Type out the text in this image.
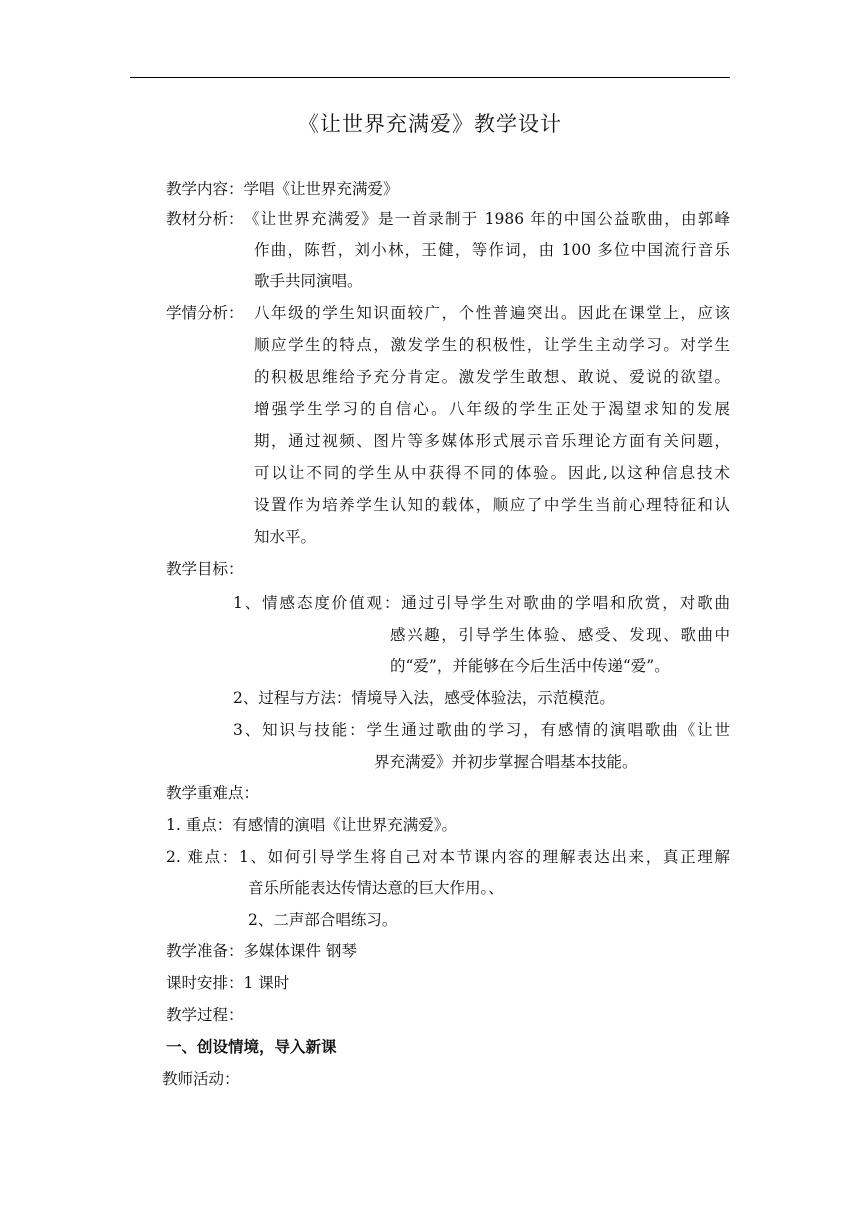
《让世界充满爱》教学设计
教学内容：学唱《让世界充满爱》
教材分析： 《让世界充满爱》是一首录制于 1986 年的中国公益歌曲，由郭峰
作曲，陈哲，刘小林，王健，等作词，由 100 多位中国流行音乐
歌手共同演唱。
学情分析： 八年级的学生知识面较广，个性普遍突出。因此在课堂上，应该
顺应学生的特点，激发学生的积极性，让学生主动学习。对学生
的积极思维给予充分肯定。激发学生敢想、敢说、爱说的欲望。
增强学生学习的自信心。八年级的学生正处于渴望求知的发展
期，通过视频、图片等多媒体形式展示音乐理论方面有关问题，
可以让不同的学生从中获得不同的体验。因此,以这种信息技术
设置作为培养学生认知的载体，顺应了中学生当前心理特征和认
知水平。
教学目标：
1、情感态度价值观：通过引导学生对歌曲的学唱和欣赏，对歌曲
感兴趣，引导学生体验、感受、发现、歌曲中
的“爱”，并能够在今后生活中传递“爱”。
2、过程与方法：情境导入法，感受体验法，示范模范。
3、知识与技能：学生通过歌曲的学习，有感情的演唱歌曲《让世
界充满爱》并初步掌握合唱基本技能。
教学重难点：
1. 重点：有感情的演唱《让世界充满爱》。
2. 难点：1、如何引导学生将自己对本节课内容的理解表达出来，真正理解
音乐所能表达传情达意的巨大作用。、
2、二声部合唱练习。
教学准备：多媒体课件 钢琴
课时安排：1 课时
教学过程：
一、创设情境，导入新课
教师活动：
